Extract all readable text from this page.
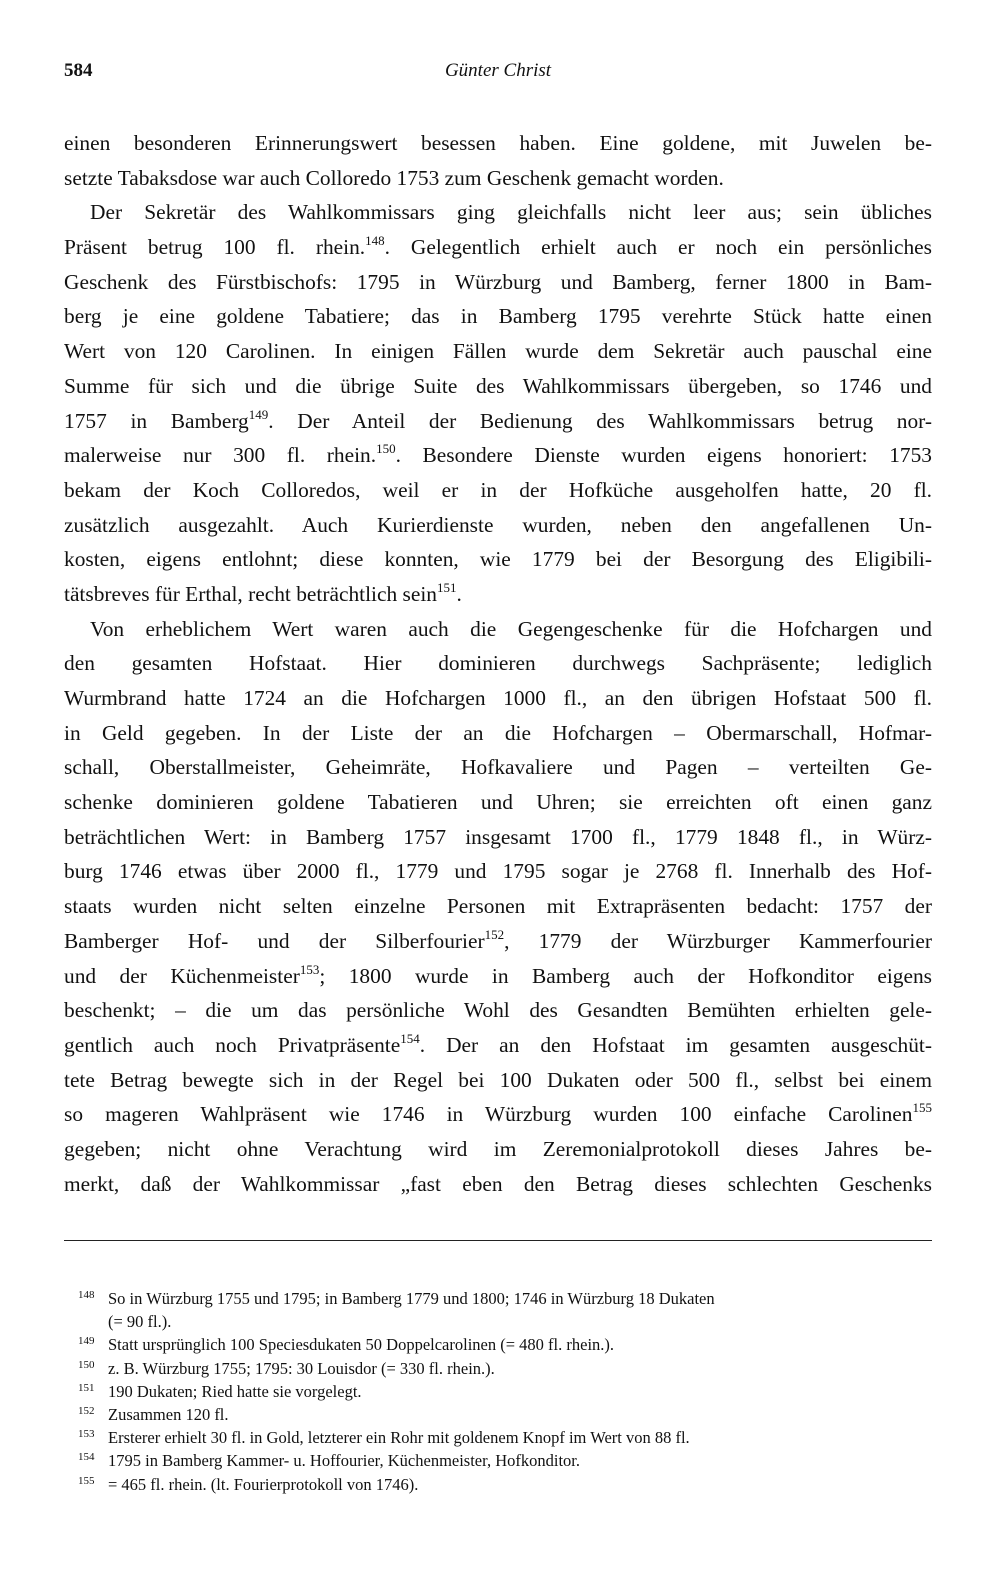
584	Günter Christ
einen besonderen Erinnerungswert besessen haben. Eine goldene, mit Juwelen be-
setzte Tabaksdose war auch Colloredo 1753 zum Geschenk gemacht worden.
Der Sekretär des Wahlkommissars ging gleichfalls nicht leer aus; sein übliches
Präsent betrug 100 fl. rhein.$^{148}$. Gelegentlich erhielt auch er noch ein persönliches
Geschenk des Fürstbischofs: 1795 in Würzburg und Bamberg, ferner 1800 in Bam-
berg je eine goldene Tabatiere; das in Bamberg 1795 verehrte Stück hatte einen
Wert von 120 Carolinen. In einigen Fällen wurde dem Sekretär auch pauschal eine
Summe für sich und die übrige Suite des Wahlkommissars übergeben, so 1746 und
1757 in Bamberg$^{149}$. Der Anteil der Bedienung des Wahlkommissars betrug nor-
malerweise nur 300 fl. rhein.$^{150}$. Besondere Dienste wurden eigens honoriert: 1753
bekam der Koch Colloredos, weil er in der Hofküche ausgeholfen hatte, 20 fl.
zusätzlich ausgezahlt. Auch Kurierdienste wurden, neben den angefallenen Un-
kosten, eigens entlohnt; diese konnten, wie 1779 bei der Besorgung des Eligibili-
tätsbreves für Erthal, recht beträchtlich sein$^{151}$.
Von erheblichem Wert waren auch die Gegengeschenke für die Hofchargen und
den gesamten Hofstaat. Hier dominieren durchwegs Sachpräsente; lediglich
Wurmbrand hatte 1724 an die Hofchargen 1000 fl., an den übrigen Hofstaat 500 fl.
in Geld gegeben. In der Liste der an die Hofchargen – Obermarschall, Hofmar-
schall, Oberstallmeister, Geheimräte, Hofkavaliere und Pagen – verteilten Ge-
schenke dominieren goldene Tabatieren und Uhren; sie erreichten oft einen ganz
beträchtlichen Wert: in Bamberg 1757 insgesamt 1700 fl., 1779 1848 fl., in Würz-
burg 1746 etwas über 2000 fl., 1779 und 1795 sogar je 2768 fl. Innerhalb des Hof-
staats wurden nicht selten einzelne Personen mit Extrapräsenten bedacht: 1757 der
Bamberger Hof- und der Silberfourier$^{152}$, 1779 der Würzburger Kammerfourier
und der Küchenmeister$^{153}$; 1800 wurde in Bamberg auch der Hofkonditor eigens
beschenkt; – die um das persönliche Wohl des Gesandten Bemühten erhielten gele-
gentlich auch noch Privatpräsente$^{154}$. Der an den Hofstaat im gesamten ausgeschüt-
tete Betrag bewegte sich in der Regel bei 100 Dukaten oder 500 fl., selbst bei einem
so mageren Wahlpräsent wie 1746 in Würzburg wurden 100 einfache Carolinen$^{155}$
gegeben; nicht ohne Verachtung wird im Zeremonialprotokoll dieses Jahres be-
merkt, daß der Wahlkommissar „fast eben den Betrag dieses schlechten Geschenks
148 So in Würzburg 1755 und 1795; in Bamberg 1779 und 1800; 1746 in Würzburg 18 Dukaten
(= 90 fl.).
149 Statt ursprünglich 100 Speciesdukaten 50 Doppelcarolinen (= 480 fl. rhein.).
150 z. B. Würzburg 1755; 1795: 30 Louisdor (= 330 fl. rhein.).
151 190 Dukaten; Ried hatte sie vorgelegt.
152 Zusammen 120 fl.
153 Ersterer erhielt 30 fl. in Gold, letzterer ein Rohr mit goldenem Knopf im Wert von 88 fl.
154 1795 in Bamberg Kammer- u. Hoffourier, Küchenmeister, Hofkonditor.
155 = 465 fl. rhein. (lt. Fourierprotokoll von 1746).
